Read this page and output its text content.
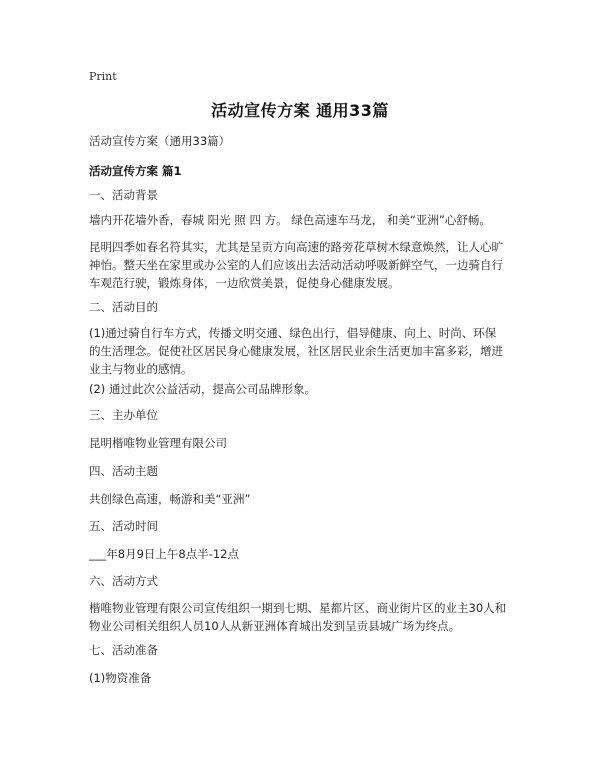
Print
活动宣传方案 通用33篇
活动宣传方案（通用33篇）
活动宣传方案 篇1
一、活动背景
墙内开花墙外香，春城 阳光 照 四 方。 绿色高速车马龙， 和美“亚洲”心舒畅。
昆明四季如春名符其实，尤其是呈贡方向高速的路旁花草树木绿意焕然，让人心旷
神怡。整天坐在家里或办公室的人们应该出去活动活动呼吸新鲜空气，一边骑自行
车观范行驶，锻炼身体，一边欣赏美景，促使身心健康发展。
二、活动目的
(1)通过骑自行车方式，传播文明交通、绿色出行，倡导健康、向上、时尚、环保
的生活理念。促使社区居民身心健康发展，社区居民业余生活更加丰富多彩，增进
业主与物业的感情。
(2) 通过此次公益活动，提高公司品牌形象。
三、主办单位
昆明楷唯物业管理有限公司
四、活动主题
共创绿色高速，畅游和美“亚洲”
五、活动时间
___年8月9日上午8点半-12点
六、活动方式
楷唯物业管理有限公司宣传组织一期到七期、星都片区、商业街片区的业主30人和
物业公司相关组织人员10人从新亚洲体育城出发到呈贡县城广场为终点。
七、活动准备
(1)物资准备
